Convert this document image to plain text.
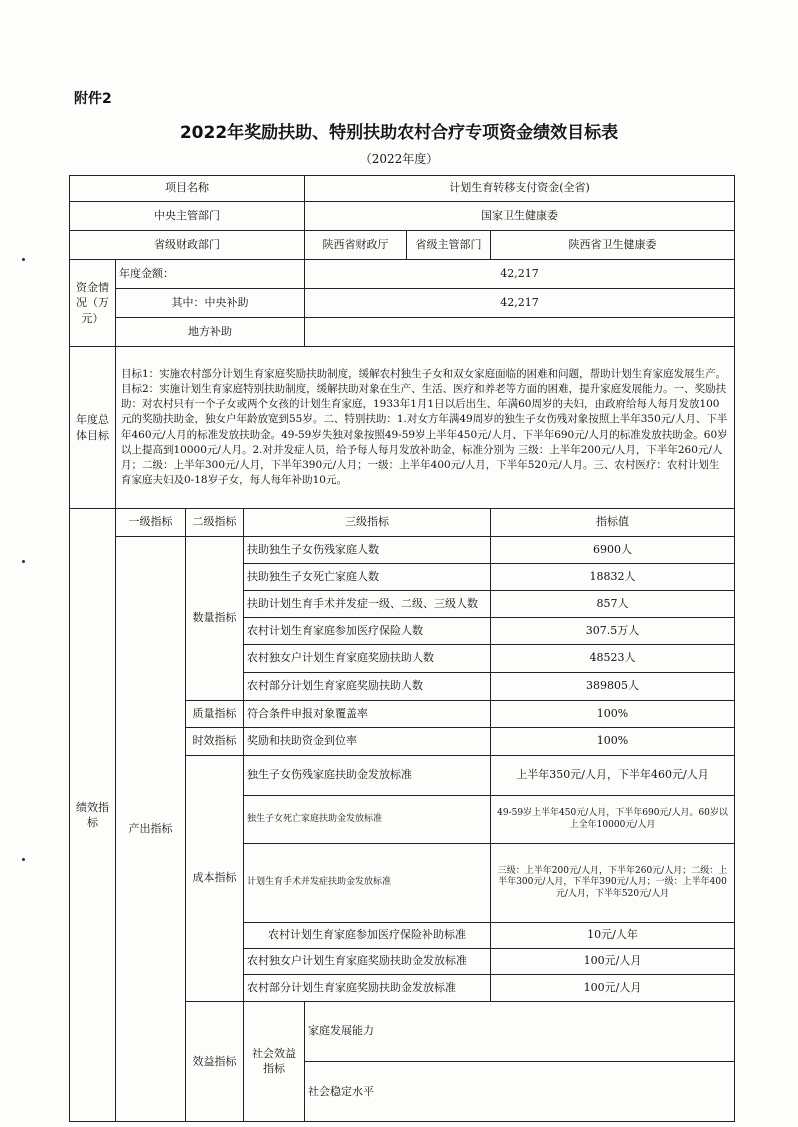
附件2
2022年奖励扶助、特别扶助农村合疗专项资金绩效目标表
（2022年度）
项目名称				计划生育转移支付资金(全省)			
中央主管部门				国家卫生健康委			
省级财政部门				陕西省财政厅	省级主管部门	陕西省卫生健康委	
资金情况（万元）	年度金额：			42,217			
	其中：中央补助			42,217			
	地方补助						
年度总体目标	目标1：实施农村部分计划生育家庭奖励扶助制度，缓解农村独生子女和双女家庭面临的困难和问题，帮助计划生育家庭发展生产。目标2：实施计划生育家庭特别扶助制度，缓解扶助对象在生产、生活、医疗和养老等方面的困难，提升家庭发展能力。一、奖励扶助：对农村只有一个子女或两个女孩的计划生育家庭，1933年1月1日以后出生、年满60周岁的夫妇，由政府给每人每月发放100元的奖励扶助金，独女户年龄放宽到55岁。二、特别扶助：1.对女方年满49周岁的独生子女伤残对象按照上半年350元/人月、下半年460元/人月的标准发放扶助金。49-59岁失独对象按照49-59岁上半年450元/人月、下半年690元/人月的标准发放扶助金。60岁以上提高到10000元/人月。2.对并发症人员，给予每人每月发放补助金，标准分别为 三级：上半年200元/人月，下半年260元/人月；二级：上半年300元/人月，下半年390元/人月；一级：上半年400元/人月，下半年520元/人月。三、农村医疗：农村计划生育家庭夫妇及0-18岁子女，每人每年补助10元。						
绩效指标	一级指标	二级指标	三级指标			指标值	
	产出指标	数量指标	扶助独生子女伤残家庭人数			6900人	
			扶助独生子女死亡家庭人数			18832人	
			扶助计划生育手术并发症一级、二级、三级人数			857人	
			农村计划生育家庭参加医疗保险人数			307.5万人	
			农村独女户计划生育家庭奖励扶助人数			48523人	
			农村部分计划生育家庭奖励扶助人数			389805人	
		质量指标	符合条件申报对象覆盖率			100%	
		时效指标	奖励和扶助资金到位率			100%	
		成本指标	独生子女伤残家庭扶助金发放标准			上半年350元/人月，下半年460元/人月	
			独生子女死亡家庭扶助金发放标准			49-59岁上半年450元/人月，下半年690元/人月。60岁以上全年10000元/人月	
			计划生育手术并发症扶助金发放标准			三级：上半年200元/人月，下半年260元/人月；二级：上半年300元/人月，下半年390元/人月；一级：上半年400元/人月，下半年520元/人月	
			农村计划生育家庭参加医疗保险补助标准			10元/人年	
			农村独女户计划生育家庭奖励扶助金发放标准			100元/人月	
			农村部分计划生育家庭奖励扶助金发放标准			100元/人月	
		效益指标	社会效益指标	家庭发展能力	
				社会稳定水平	
